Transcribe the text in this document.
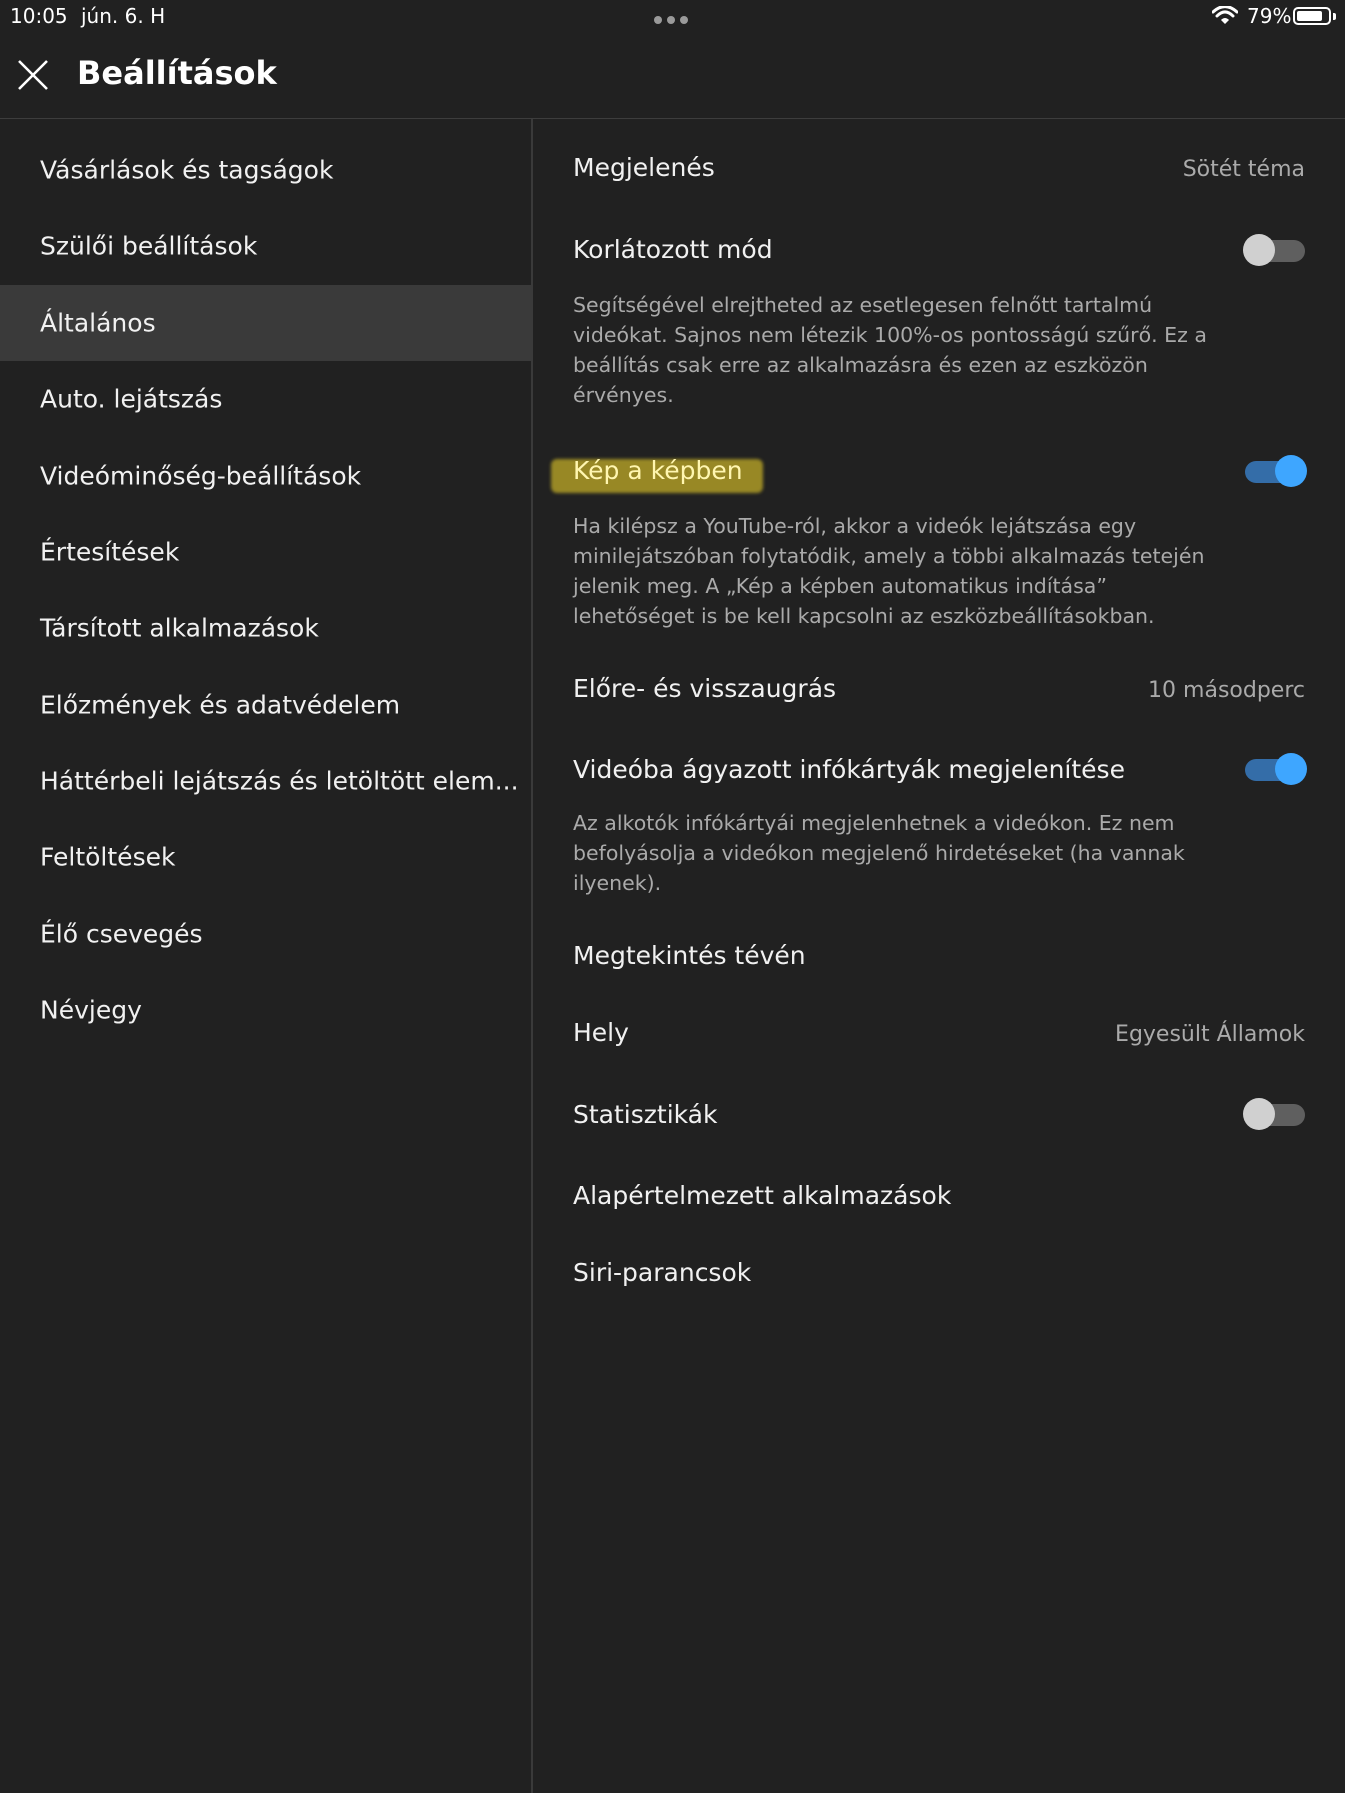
10:05 jún. 6. H	79%
Beállítások
Vásárlások és tagságok
Szülői beállítások
Általános
Auto. lejátszás
Videóminőség-beállítások
Értesítések
Társított alkalmazások
Előzmények és adatvédelem
Háttérbeli lejátszás és letöltött elem...
Feltöltések
Élő csevegés
Névjegy
Megjelenés	Sötét téma
Korlátozott mód
Segítségével elrejtheted az esetlegesen felnőtt tartalmú videókat. Sajnos nem létezik 100%-os pontosságú szűrő. Ez a beállítás csak erre az alkalmazásra és ezen az eszközön érvényes.
Kép a képben
Ha kilépsz a YouTube-ról, akkor a videók lejátszása egy minilejátszóban folytatódik, amely a többi alkalmazás tetején jelenik meg. A „Kép a képben automatikus indítása” lehetőséget is be kell kapcsolni az eszközbeállításokban.
Előre- és visszaugrás	10 másodperc
Videóba ágyazott infókártyák megjelenítése
Az alkotók infókártyái megjelenhetnek a videókon. Ez nem befolyásolja a videókon megjelenő hirdetéseket (ha vannak ilyenek).
Megtekintés tévén
Hely	Egyesült Államok
Statisztikák
Alapértelmezett alkalmazások
Siri-parancsok
